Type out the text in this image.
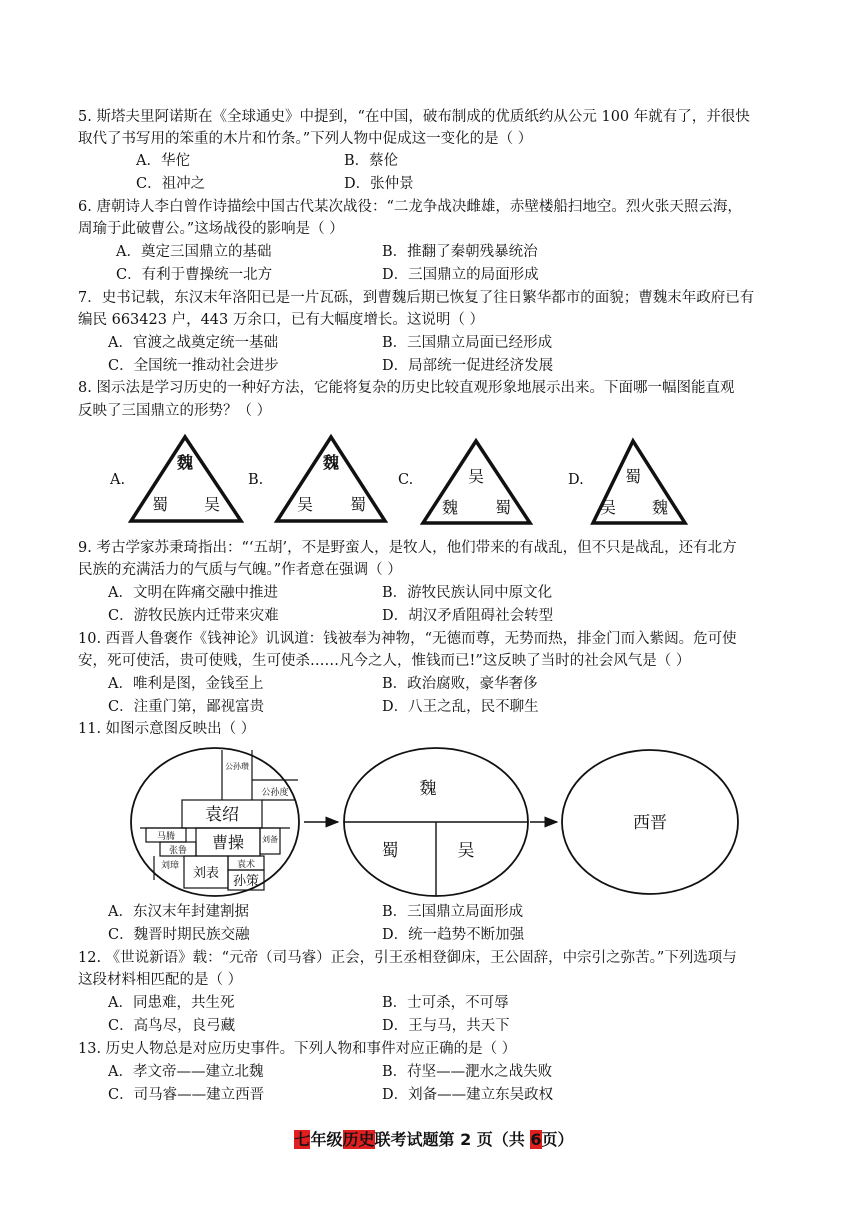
5. 斯塔夫里阿诺斯在《全球通史》中提到，“在中国，破布制成的优质纸约从公元 100 年就有了，并很快
取代了书写用的笨重的木片和竹条。”下列人物中促成这一变化的是（ ）
A．华佗	B．蔡伦
C．祖冲之	D．张仲景
6. 唐朝诗人李白曾作诗描绘中国古代某次战役：“二龙争战决雌雄，赤壁楼船扫地空。烈火张天照云海，
周瑜于此破曹公。”这场战役的影响是（ ）
A．奠定三国鼎立的基础	B．推翻了秦朝残暴统治
C．有利于曹操统一北方	D．三国鼎立的局面形成
7．史书记载，东汉末年洛阳已是一片瓦砾，到曹魏后期已恢复了往日繁华都市的面貌；曹魏末年政府已有
编民 663423 户，443 万余口，已有大幅度增长。这说明（ ）
A．官渡之战奠定统一基础	B．三国鼎立局面已经形成
C．全国统一推动社会进步	D．局部统一促进经济发展
8. 图示法是学习历史的一种好方法，它能将复杂的历史比较直观形象地展示出来。下面哪一幅图能直观
反映了三国鼎立的形势？（ ）
A.	B.	C.	D.
魏
蜀 吴
魏
吴 蜀
吴
魏 蜀
蜀
吴 魏
9. 考古学家苏秉琦指出：“‘五胡’，不是野蛮人，是牧人，他们带来的有战乱，但不只是战乱，还有北方
民族的充满活力的气质与气魄。”作者意在强调（ ）
A．文明在阵痛交融中推进	B．游牧民族认同中原文化
C．游牧民族内迁带来灾难	D．胡汉矛盾阻碍社会转型
10. 西晋人鲁褒作《钱神论》讥讽道：钱被奉为神物，“无德而尊，无势而热，排金门而入紫闼。危可使
安，死可使活，贵可使贱，生可使杀……凡今之人，惟钱而已!”这反映了当时的社会风气是（ ）
A．唯利是图，金钱至上	B．政治腐败，豪华奢侈
C．注重门第，鄙视富贵	D．八王之乱，民不聊生
11. 如图示意图反映出（ ）
公孙瓒
公孙度
袁绍
马腾
张鲁 曹操 刘备
刘璋 刘表
袁术
孙策
魏
蜀	吴
西晋
A．东汉末年封建割据	B．三国鼎立局面形成
C．魏晋时期民族交融	D．统一趋势不断加强
12. 《世说新语》载：“元帝（司马睿）正会，引王丞相登御床，王公固辞，中宗引之弥苦。”下列选项与
这段材料相匹配的是（ ）
A．同患难，共生死	B．士可杀，不可辱
C．高鸟尽，良弓藏	D．王与马，共天下
13. 历史人物总是对应历史事件。下列人物和事件对应正确的是（ ）
A．孝文帝——建立北魏	B．苻坚——淝水之战失败
C．司马睿——建立西晋	D．刘备——建立东吴政权
七年级历史联考试题第 2 页（共 6页）
